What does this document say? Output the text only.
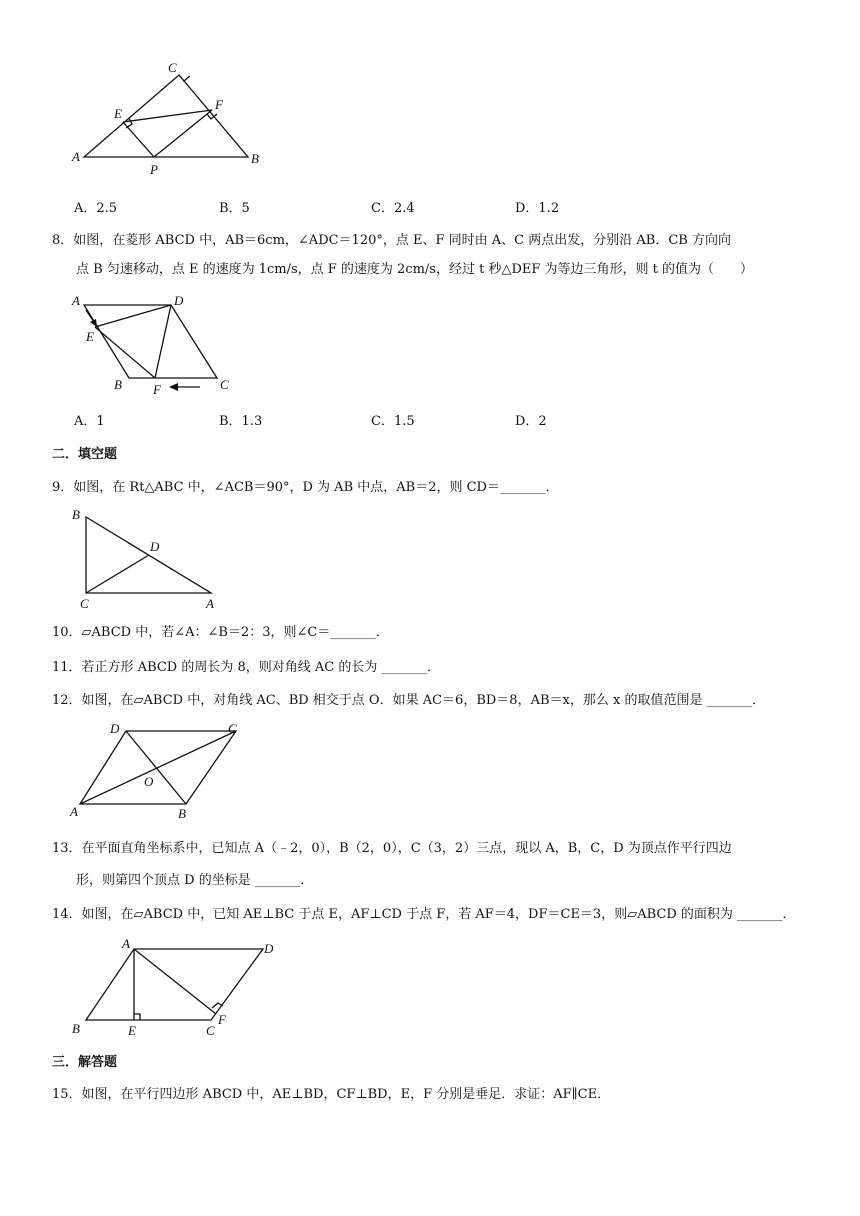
C
E
F
A
P
B
A．2.5	B．5	C．2.4	D．1.2
8．如图，在菱形 ABCD 中，AB＝6cm，∠ADC＝120°，点 E、F 同时由 A、C 两点出发，分别沿 AB．CB 方向向
点 B 匀速移动，点 E 的速度为 1cm/s，点 F 的速度为 2cm/s，经过 t 秒△DEF 为等边三角形，则 t 的值为（　　）
A	D
E
B F	C
A．1	B．1.3	C．1.5	D．2
二．填空题
9．如图，在 Rt△ABC 中，∠ACB＝90°，D 为 AB 中点，AB＝2，则 CD＝_______．
B
D
C	A
10．▱ABCD 中，若∠A：∠B＝2：3，则∠C＝_______．
11．若正方形 ABCD 的周长为 8，则对角线 AC 的长为 _______．
12．如图，在▱ABCD 中，对角线 AC、BD 相交于点 O．如果 AC＝6，BD＝8，AB＝x，那么 x 的取值范围是 _______．
D	C
O
A	B
13．在平面直角坐标系中，已知点 A（﹣2，0），B（2，0），C（3，2）三点，现以 A，B，C，D 为顶点作平行四边
形，则第四个顶点 D 的坐标是 _______．
14．如图，在▱ABCD 中，已知 AE⊥BC 于点 E，AF⊥CD 于点 F，若 AF＝4，DF＝CE＝3，则▱ABCD 的面积为 _______．
A	D
B	E
F
C
三．解答题
15．如图，在平行四边形 ABCD 中，AE⊥BD，CF⊥BD，E，F 分别是垂足．求证：AF∥CE．
